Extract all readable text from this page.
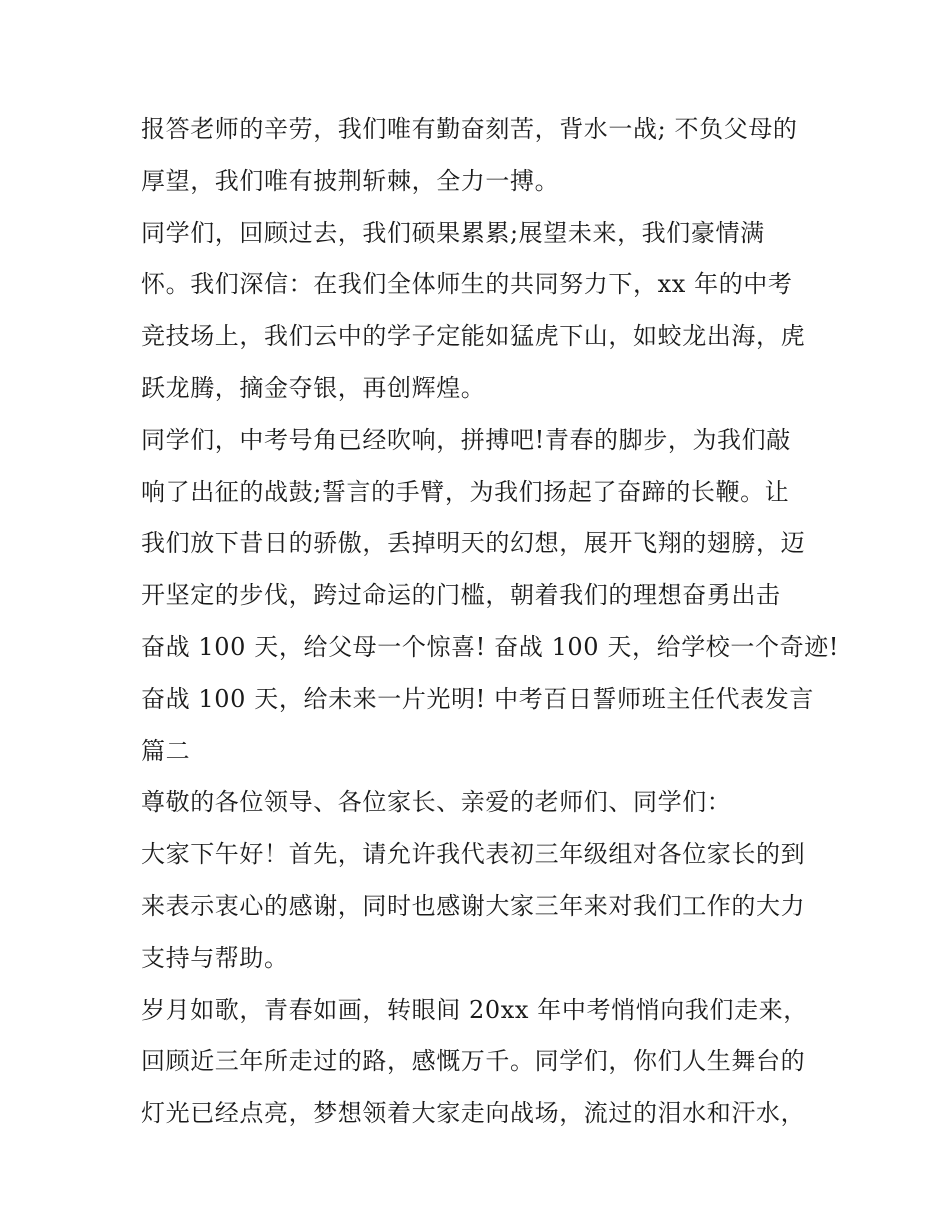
报答老师的辛劳，我们唯有勤奋刻苦，背水一战; 不负父母的
厚望，我们唯有披荆斩棘，全力一搏。
同学们，回顾过去，我们硕果累累;展望未来，我们豪情满
怀。我们深信：在我们全体师生的共同努力下，xx 年的中考
竞技场上，我们云中的学子定能如猛虎下山，如蛟龙出海，虎
跃龙腾，摘金夺银，再创辉煌。
同学们，中考号角已经吹响，拼搏吧!青春的脚步，为我们敲
响了出征的战鼓;誓言的手臂，为我们扬起了奋蹄的长鞭。让
我们放下昔日的骄傲，丢掉明天的幻想，展开飞翔的翅膀，迈
开坚定的步伐，跨过命运的门槛，朝着我们的理想奋勇出击
奋战 100 天，给父母一个惊喜! 奋战 100 天，给学校一个奇迹!
奋战 100 天，给未来一片光明! 中考百日誓师班主任代表发言
篇二
尊敬的各位领导、各位家长、亲爱的老师们、同学们：
大家下午好！首先，请允许我代表初三年级组对各位家长的到
来表示衷心的感谢，同时也感谢大家三年来对我们工作的大力
支持与帮助。
岁月如歌，青春如画，转眼间 20xx 年中考悄悄向我们走来，
回顾近三年所走过的路，感慨万千。同学们，你们人生舞台的
灯光已经点亮，梦想领着大家走向战场，流过的泪水和汗水，
